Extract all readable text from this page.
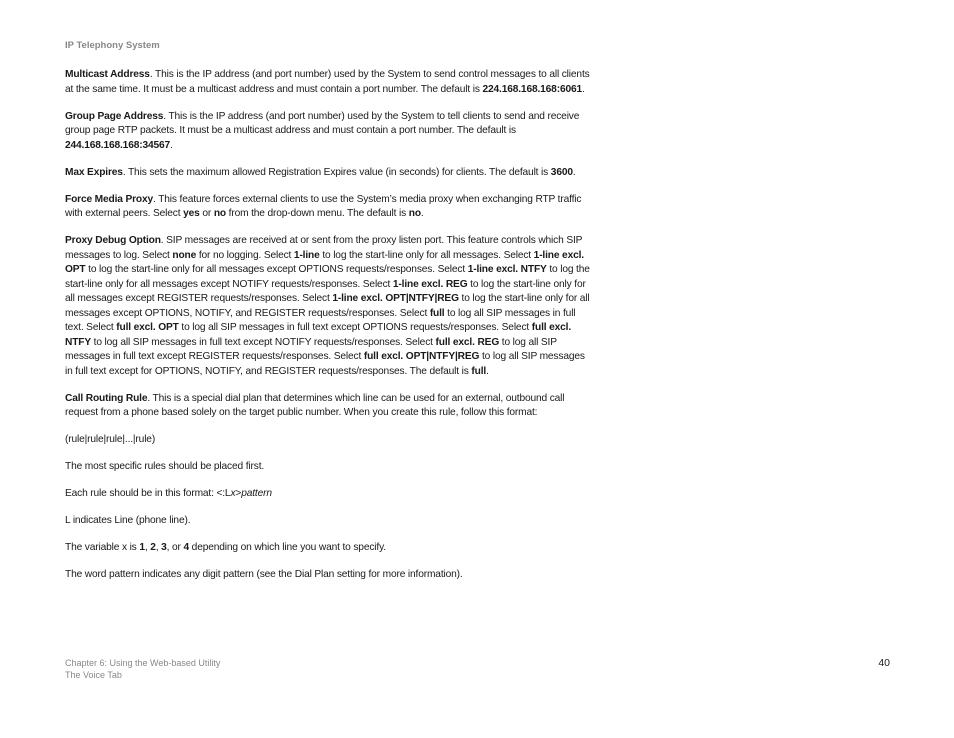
IP Telephony System

Multicast Address. This is the IP address (and port number) used by the System to send control messages to all clients at the same time. It must be a multicast address and must contain a port number. The default is 224.168.168.168:6061.

Group Page Address. This is the IP address (and port number) used by the System to tell clients to send and receive group page RTP packets. It must be a multicast address and must contain a port number. The default is 244.168.168.168:34567.

Max Expires. This sets the maximum allowed Registration Expires value (in seconds) for clients. The default is 3600.

Force Media Proxy. This feature forces external clients to use the System’s media proxy when exchanging RTP traffic with external peers. Select yes or no from the drop-down menu. The default is no.

Proxy Debug Option. SIP messages are received at or sent from the proxy listen port. This feature controls which SIP messages to log. Select none for no logging. Select 1-line to log the start-line only for all messages. Select 1-line excl. OPT to log the start-line only for all messages except OPTIONS requests/responses. Select 1-line excl. NTFY to log the start-line only for all messages except NOTIFY requests/responses. Select 1-line excl. REG to log the start-line only for all messages except REGISTER requests/responses. Select 1-line excl. OPT|NTFY|REG to log the start-line only for all messages except OPTIONS, NOTIFY, and REGISTER requests/responses. Select full to log all SIP messages in full text. Select full excl. OPT to log all SIP messages in full text except OPTIONS requests/responses. Select full excl. NTFY to log all SIP messages in full text except NOTIFY requests/responses. Select full excl. REG to log all SIP messages in full text except REGISTER requests/responses. Select full excl. OPT|NTFY|REG to log all SIP messages in full text except for OPTIONS, NOTIFY, and REGISTER requests/responses. The default is full.

Call Routing Rule. This is a special dial plan that determines which line can be used for an external, outbound call request from a phone based solely on the target public number. When you create this rule, follow this format:

(rule|rule|rule|...|rule)

The most specific rules should be placed first.

Each rule should be in this format: <:Lx>pattern

L indicates Line (phone line).

The variable x is 1, 2, 3, or 4 depending on which line you want to specify.

The word pattern indicates any digit pattern (see the Dial Plan setting for more information).

Chapter 6: Using the Web-based Utility
The Voice Tab
40
